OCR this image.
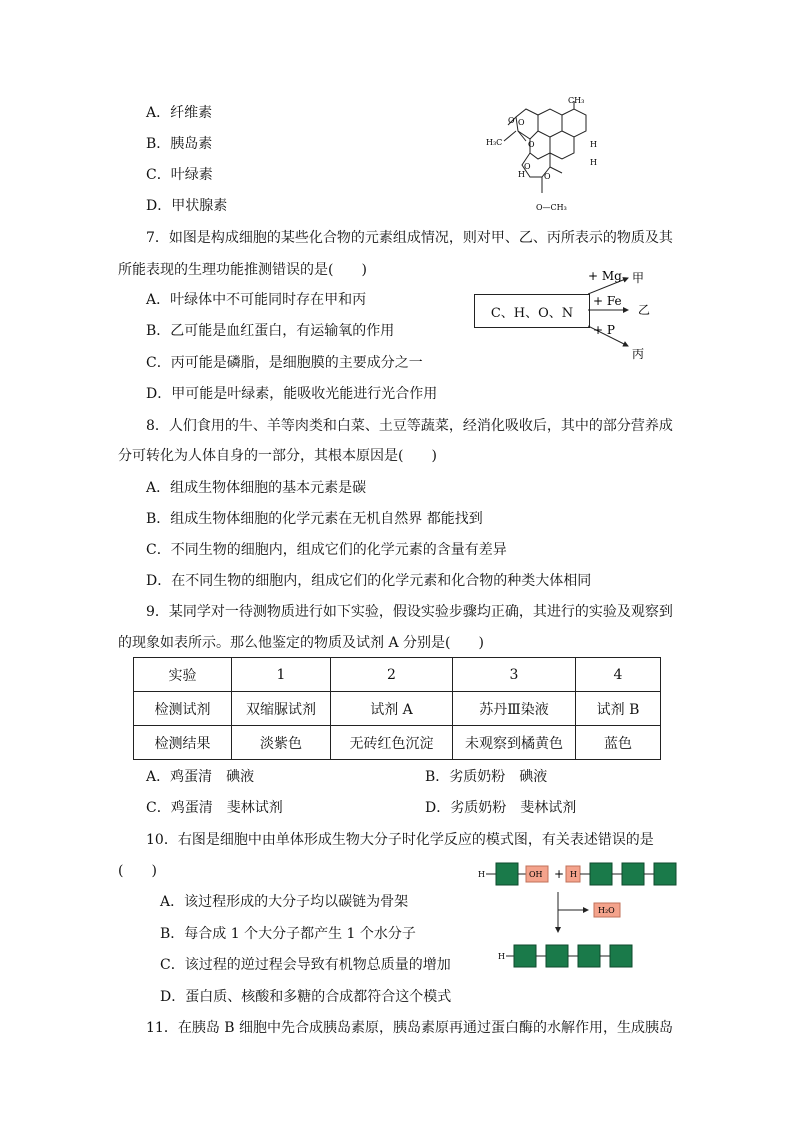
A．纤维素
B．胰岛素
C．叶绿素
D．甲状腺素
H₃C
CH₃
H
H
H
O—CH₃
O
O
O
O
O
7．如图是构成细胞的某些化合物的元素组成情况，则对甲、乙、丙所表示的物质及其
所能表现的生理功能推测错误的是(　　)
A．叶绿体中不可能同时存在甲和丙
B．乙可能是血红蛋白，有运输氧的作用
C．丙可能是磷脂，是细胞膜的主要成分之一
D．甲可能是叶绿素，能吸收光能进行光合作用
C、H、O、N
+ Mg
+ Fe
+ P
甲
乙
丙
8．人们食用的牛、羊等肉类和白菜、土豆等蔬菜，经消化吸收后，其中的部分营养成
分可转化为人体自身的一部分，其根本原因是(　　)
A．组成生物体细胞的基本元素是碳
B．组成生物体细胞的化学元素在无机自然界 都能找到
C．不同生物的细胞内，组成它们的化学元素的含量有差异
D．在不同生物的细胞内，组成它们的化学元素和化合物的种类大体相同
9．某同学对一待测物质进行如下实验，假设实验步骤均正确，其进行的实验及观察到
的现象如表所示。那么他鉴定的物质及试剂 A 分别是(　　)
实验	1	2	3	4
检测试剂	双缩脲试剂	试剂 A	苏丹Ⅲ染液	试剂 B
检测结果	淡紫色	无砖红色沉淀	未观察到橘黄色	蓝色
A．鸡蛋清　碘液	B．劣质奶粉　碘液
C．鸡蛋清　斐林试剂	D．劣质奶粉　斐林试剂
10．右图是细胞中由单体形成生物大分子时化学反应的模式图，有关表述错误的是
(　　)
A．该过程形成的大分子均以碳链为骨架
B．每合成 1 个大分子都产生 1 个水分子
C．该过程的逆过程会导致有机物总质量的增加
D．蛋白质、核酸和多糖的合成都符合这个模式
H	OH + H
H₂O
H
11．在胰岛 B 细胞中先合成胰岛素原，胰岛素原再通过蛋白酶的水解作用，生成胰岛
